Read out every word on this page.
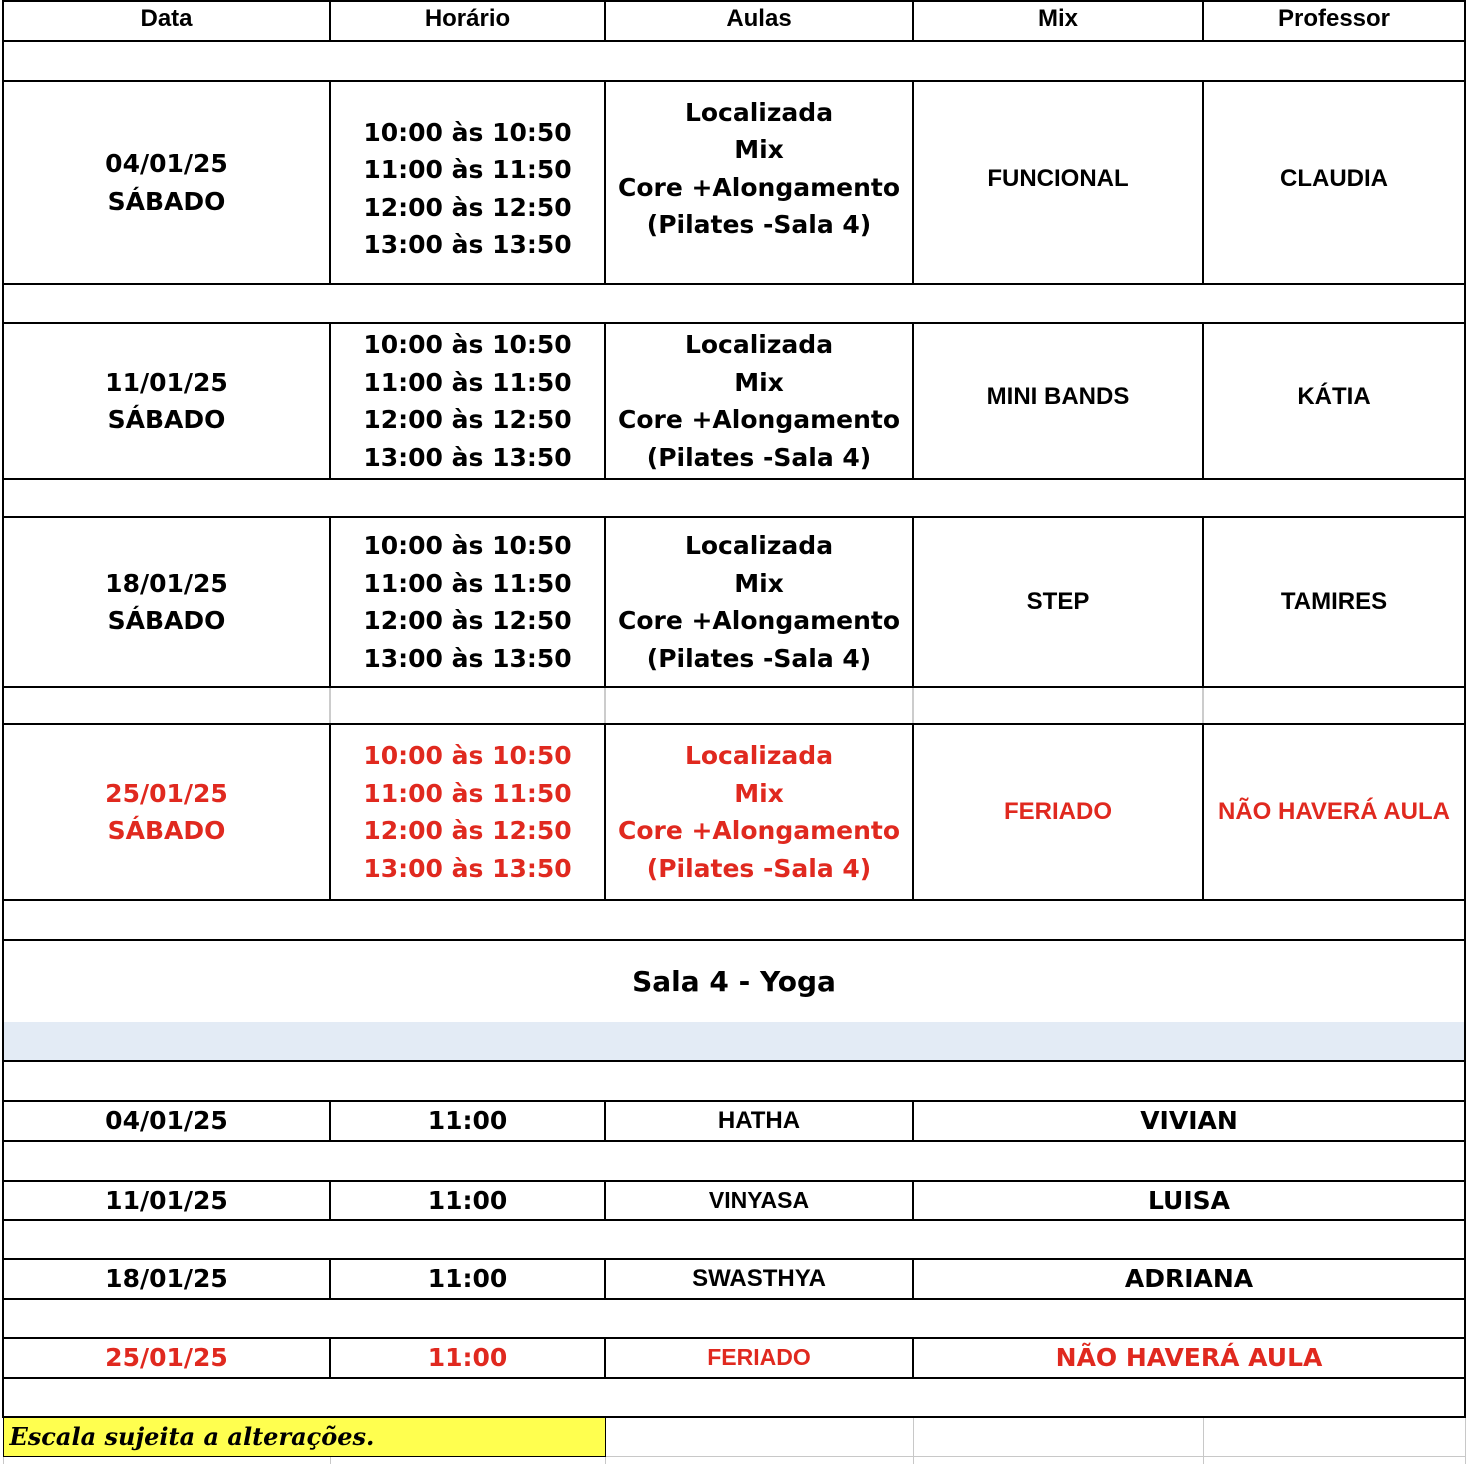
Data	Horário	Aulas	Mix	Professor

04/01/25
SÁBADO	10:00 às 10:50
11:00 às 11:50
12:00 às 12:50
13:00 às 13:50	Localizada
Mix
Core +Alongamento
(Pilates -Sala 4)	FUNCIONAL	CLAUDIA

11/01/25
SÁBADO	10:00 às 10:50
11:00 às 11:50
12:00 às 12:50
13:00 às 13:50	Localizada
Mix
Core +Alongamento
(Pilates -Sala 4)	MINI BANDS	KÁTIA

18/01/25
SÁBADO	10:00 às 10:50
11:00 às 11:50
12:00 às 12:50
13:00 às 13:50	Localizada
Mix
Core +Alongamento
(Pilates -Sala 4)	STEP	TAMIRES

25/01/25
SÁBADO	10:00 às 10:50
11:00 às 11:50
12:00 às 12:50
13:00 às 13:50	Localizada
Mix
Core +Alongamento
(Pilates -Sala 4)	FERIADO	NÃO HAVERÁ AULA

Sala 4 - Yoga				

04/01/25	11:00	HATHA	VIVIAN	

11/01/25	11:00	VINYASA	LUISA	

18/01/25	11:00	SWASTHYA	ADRIANA	

25/01/25	11:00	FERIADO	NÃO HAVERÁ AULA	

Escala sujeita a alterações.				
